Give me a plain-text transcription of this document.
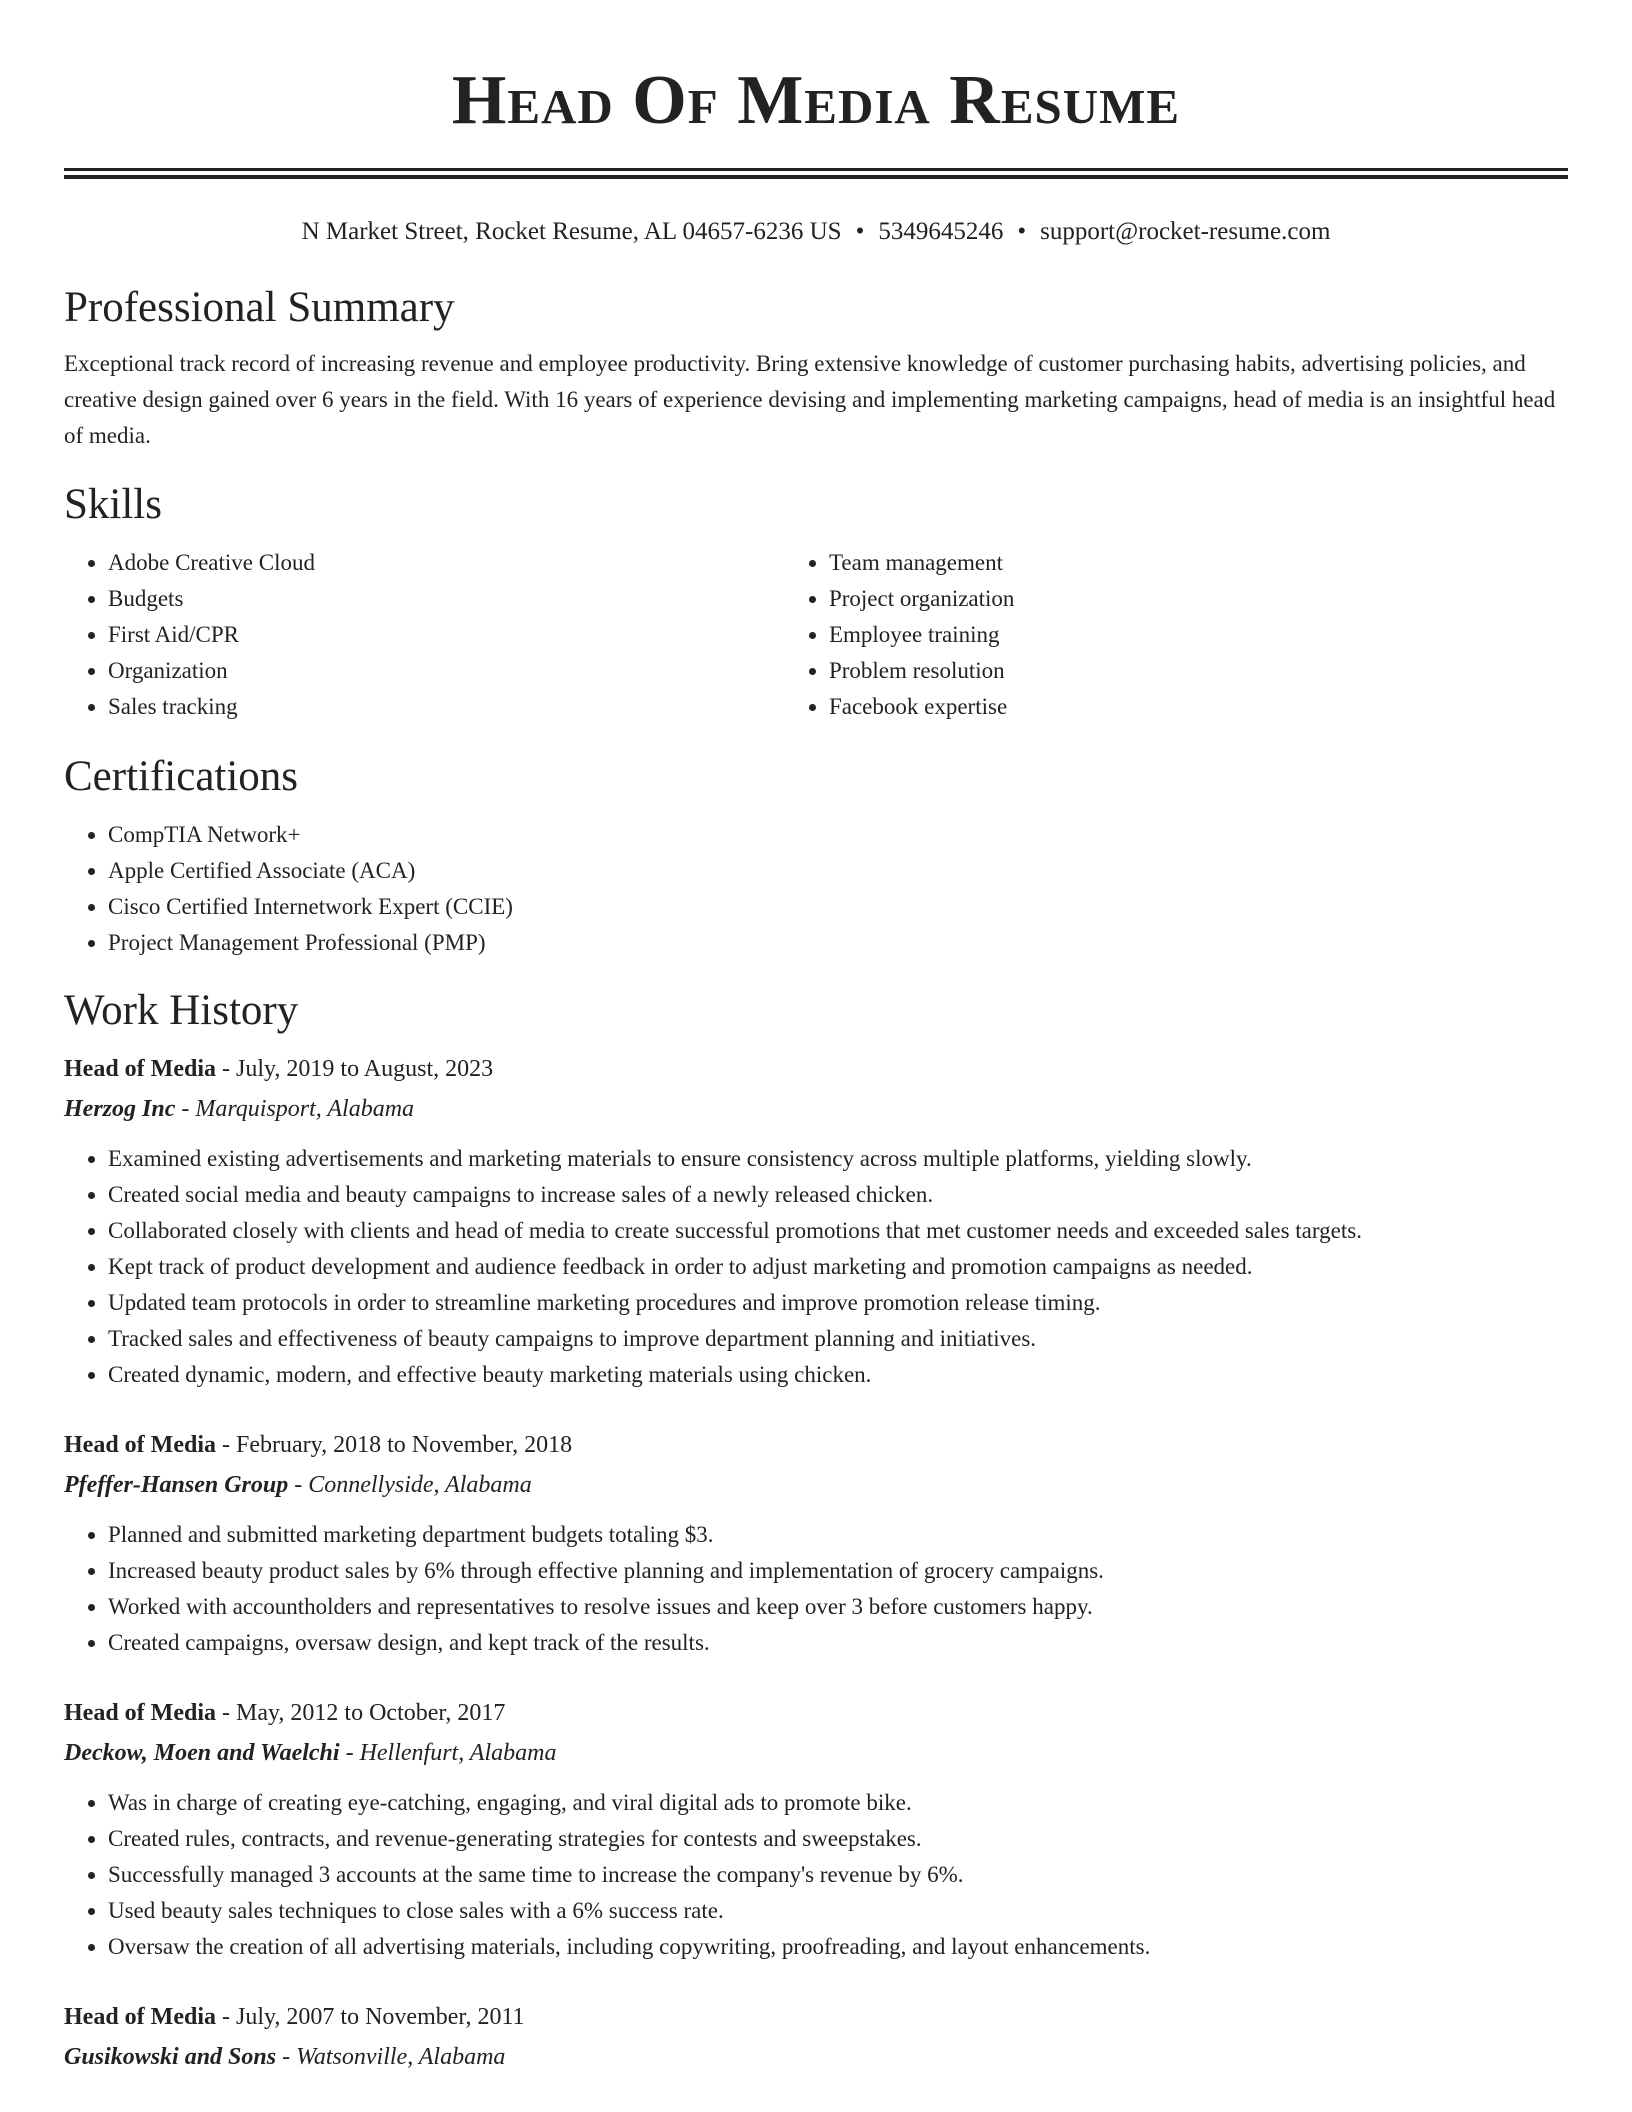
Head Of Media Resume
N Market Street, Rocket Resume, AL 04657-6236 US • 5349645246 • support@rocket-resume.com
Professional Summary

Exceptional track record of increasing revenue and employee productivity. Bring extensive knowledge of customer purchasing habits, advertising policies, and creative design gained over 6 years in the field. With 16 years of experience devising and implementing marketing campaigns, head of media is an insightful head of media.

Skills
• Adobe Creative Cloud
• Budgets
• First Aid/CPR
• Organization
• Sales tracking
• Team management
• Project organization
• Employee training
• Problem resolution
• Facebook expertise
Certifications
• CompTIA Network+
• Apple Certified Associate (ACA)
• Cisco Certified Internetwork Expert (CCIE)
• Project Management Professional (PMP)
Work History

Head of Media - July, 2019 to August, 2023

Herzog Inc - Marquisport, Alabama

• Examined existing advertisements and marketing materials to ensure consistency across multiple platforms, yielding slowly.
• Created social media and beauty campaigns to increase sales of a newly released chicken.
• Collaborated closely with clients and head of media to create successful promotions that met customer needs and exceeded sales targets.
• Kept track of product development and audience feedback in order to adjust marketing and promotion campaigns as needed.
• Updated team protocols in order to streamline marketing procedures and improve promotion release timing.
• Tracked sales and effectiveness of beauty campaigns to improve department planning and initiatives.
• Created dynamic, modern, and effective beauty marketing materials using chicken.

Head of Media - February, 2018 to November, 2018

Pfeffer-Hansen Group - Connellyside, Alabama

• Planned and submitted marketing department budgets totaling $3.
• Increased beauty product sales by 6% through effective planning and implementation of grocery campaigns.
• Worked with accountholders and representatives to resolve issues and keep over 3 before customers happy.
• Created campaigns, oversaw design, and kept track of the results.

Head of Media - May, 2012 to October, 2017

Deckow, Moen and Waelchi - Hellenfurt, Alabama

• Was in charge of creating eye-catching, engaging, and viral digital ads to promote bike.
• Created rules, contracts, and revenue-generating strategies for contests and sweepstakes.
• Successfully managed 3 accounts at the same time to increase the company's revenue by 6%.
• Used beauty sales techniques to close sales with a 6% success rate.
• Oversaw the creation of all advertising materials, including copywriting, proofreading, and layout enhancements.

Head of Media - July, 2007 to November, 2011

Gusikowski and Sons - Watsonville, Alabama
